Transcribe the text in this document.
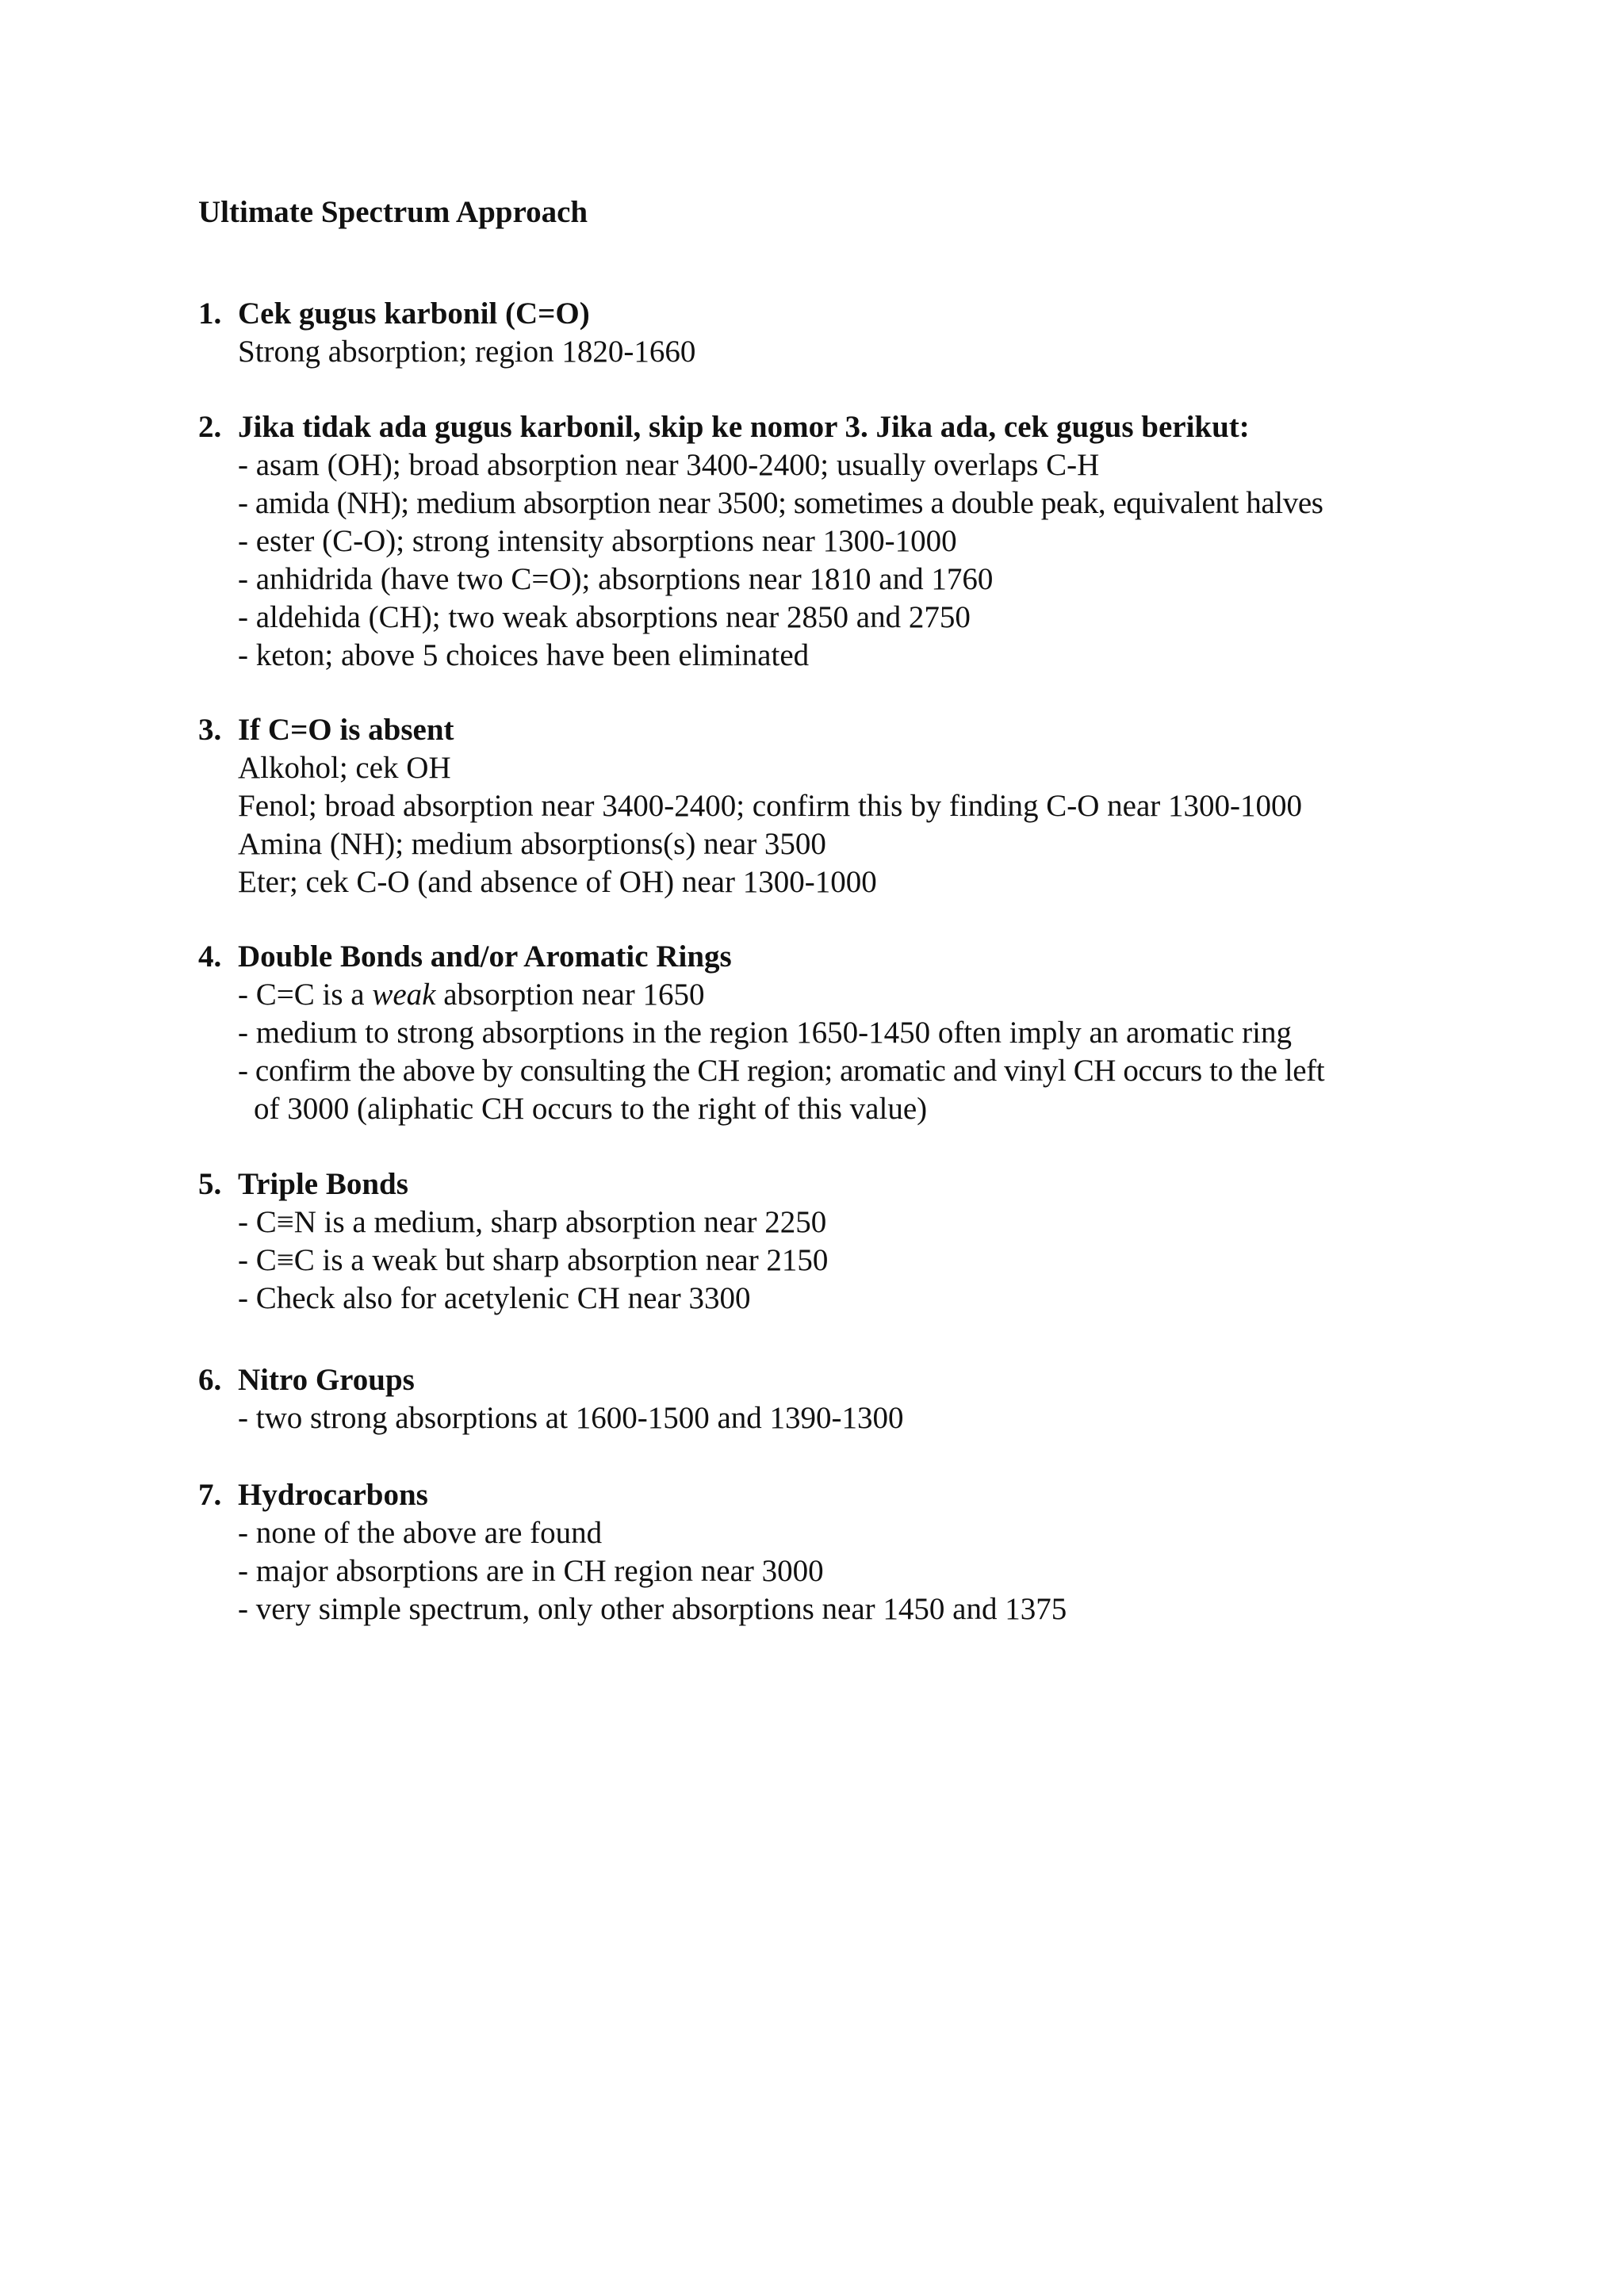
Ultimate Spectrum Approach
1. Cek gugus karbonil (C=O)
Strong absorption; region 1820-1660
2. Jika tidak ada gugus karbonil, skip ke nomor 3. Jika ada, cek gugus berikut:
- asam (OH); broad absorption near 3400-2400; usually overlaps C-H
- amida (NH); medium absorption near 3500; sometimes a double peak, equivalent halves
- ester (C-O); strong intensity absorptions near 1300-1000
- anhidrida (have two C=O); absorptions near 1810 and 1760
- aldehida (CH); two weak absorptions near 2850 and 2750
- keton; above 5 choices have been eliminated
3. If C=O is absent
Alkohol; cek OH
Fenol; broad absorption near 3400-2400; confirm this by finding C-O near 1300-1000
Amina (NH); medium absorptions(s) near 3500
Eter; cek C-O (and absence of OH) near 1300-1000
4. Double Bonds and/or Aromatic Rings
- C=C is a weak absorption near 1650
- medium to strong absorptions in the region 1650-1450 often imply an aromatic ring
- confirm the above by consulting the CH region; aromatic and vinyl CH occurs to the left
of 3000 (aliphatic CH occurs to the right of this value)
5. Triple Bonds
- C≡N is a medium, sharp absorption near 2250
- C≡C is a weak but sharp absorption near 2150
- Check also for acetylenic CH near 3300
6. Nitro Groups
- two strong absorptions at 1600-1500 and 1390-1300
7. Hydrocarbons
- none of the above are found
- major absorptions are in CH region near 3000
- very simple spectrum, only other absorptions near 1450 and 1375
